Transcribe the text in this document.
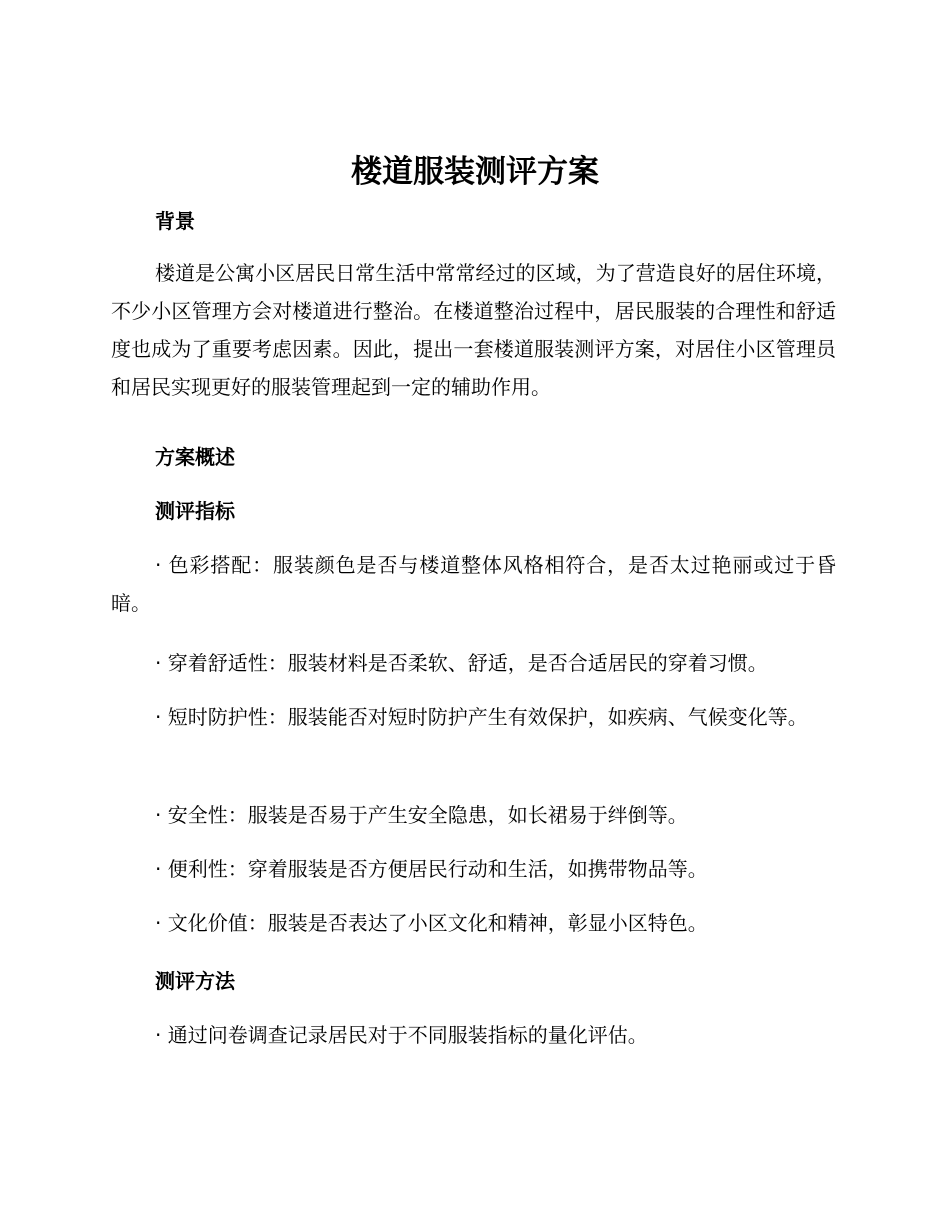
楼道服装测评方案
背景

楼道是公寓小区居民日常生活中常常经过的区域，为了营造良好的居住环境，不少小区管理方会对楼道进行整治。在楼道整治过程中，居民服装的合理性和舒适度也成为了重要考虑因素。因此，提出一套楼道服装测评方案，对居住小区管理员和居民实现更好的服装管理起到一定的辅助作用。

方案概述
测评指标

· 色彩搭配：服装颜色是否与楼道整体风格相符合，是否太过艳丽或过于昏暗。

· 穿着舒适性：服装材料是否柔软、舒适，是否合适居民的穿着习惯。

· 短时防护性：服装能否对短时防护产生有效保护，如疾病、气候变化等。

· 安全性：服装是否易于产生安全隐患，如长裙易于绊倒等。

· 便利性：穿着服装是否方便居民行动和生活，如携带物品等。

· 文化价值：服装是否表达了小区文化和精神，彰显小区特色。

测评方法

· 通过问卷调查记录居民对于不同服装指标的量化评估。
